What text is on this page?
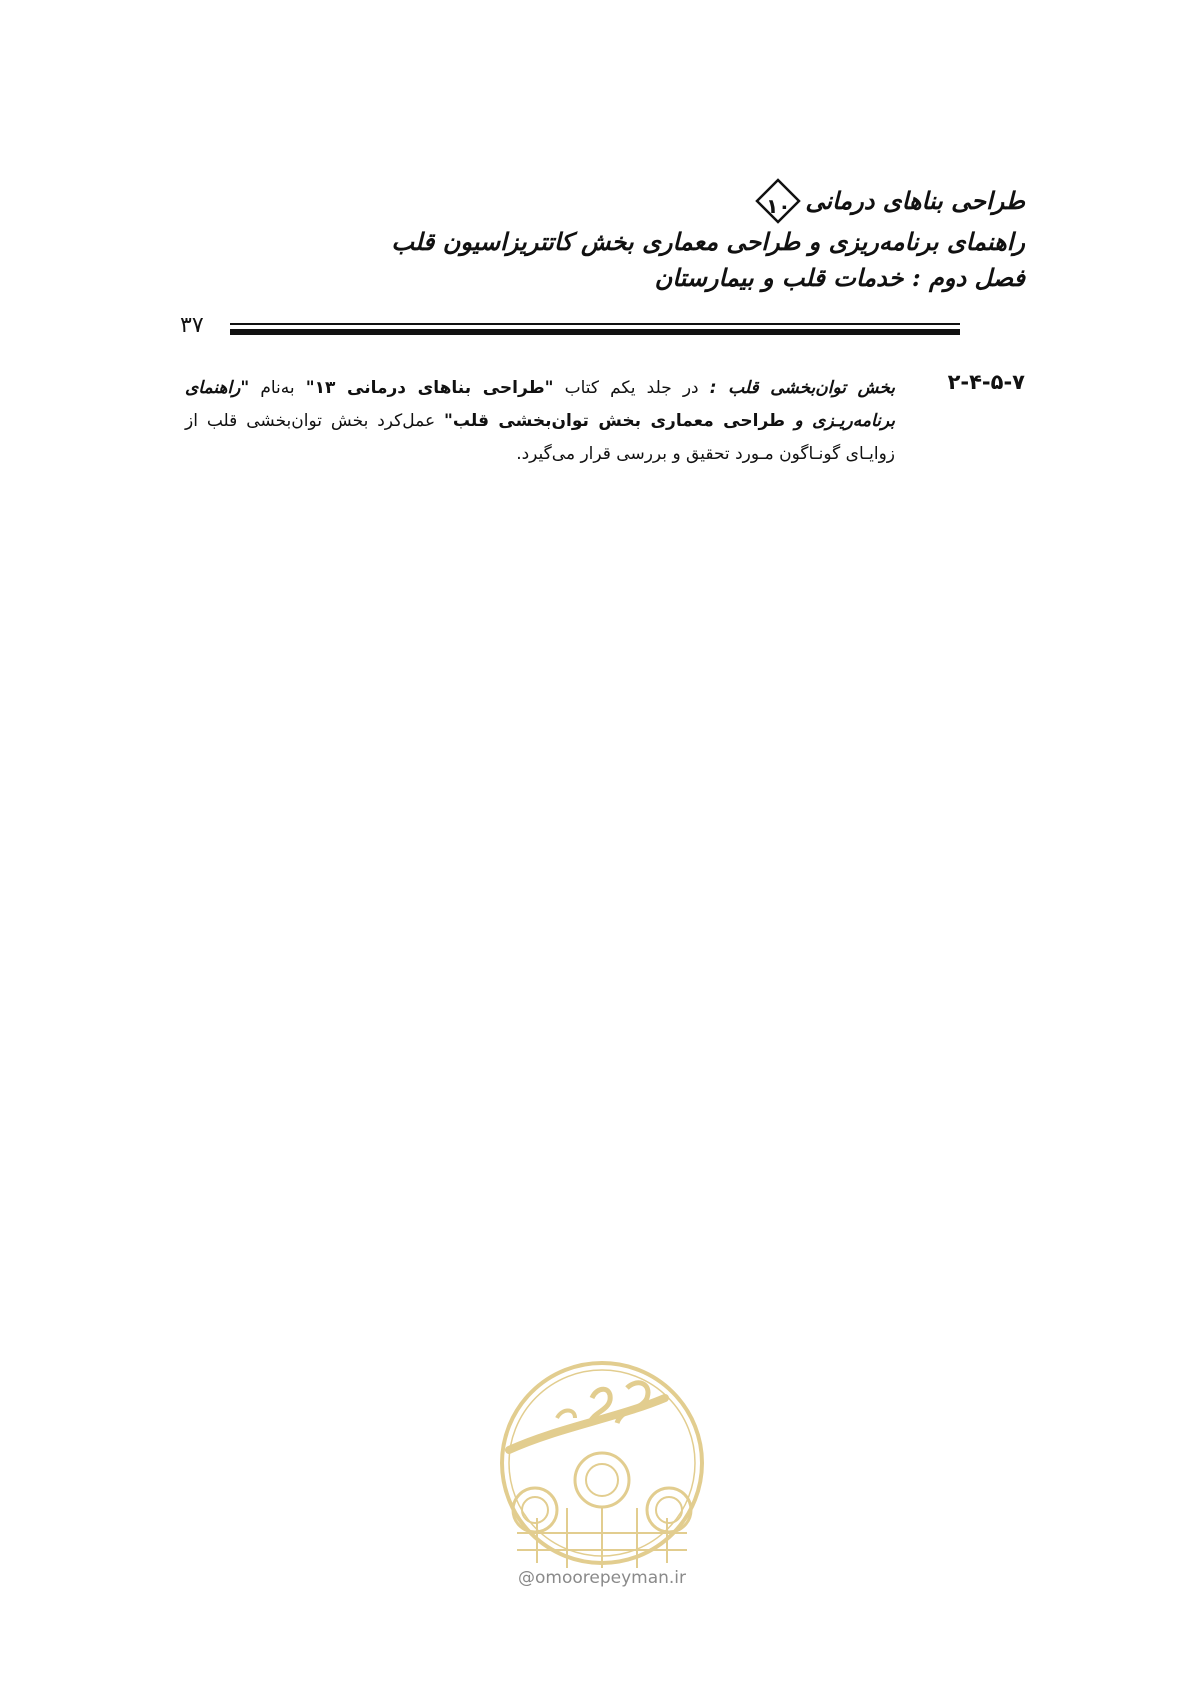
طراحی بناهای درمانی
۱۰
راهنمای برنامه‌ریزی و طراحی معماری بخش کاتتریزاسیون قلب
فصل دوم : خدمات قلب و بیمارستان
۳۷
۲-۴-۵-۷
بخش توان‌بخشی قلب : در جلد یکم کتاب "طراحی بناهای درمانی ۱۳" به‌نام "راهنمای برنامه‌ریـزی و طراحی معماری بخش توان‌بخشی قلب" عمل‌کرد بخش توان‌بخشی قلب از زوایـای گونـاگون مـورد تحقیق و بررسی قرار می‌گیرد.
@omoorepeyman.ir
